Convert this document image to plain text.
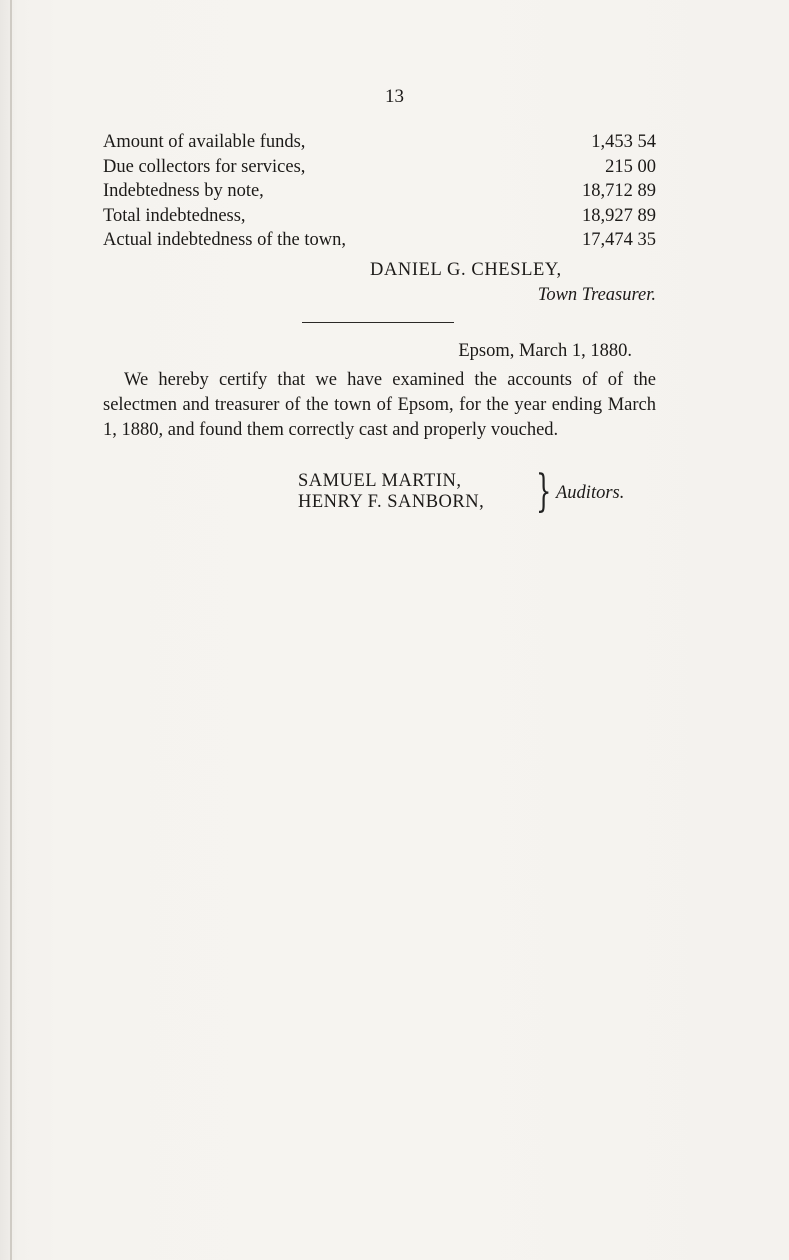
13
Amount of available funds,	1,453 54
Due collectors for services,	215 00
Indebtedness by note,	18,712 89
Total indebtedness,	18,927 89
Actual indebtedness of the town,	17,474 35
DANIEL G. CHESLEY,
Town Treasurer.
Epsom, March 1, 1880.

We hereby certify that we have examined the accounts of of the selectmen and treasurer of the town of Epsom, for the year ending March 1, 1880, and found them correctly cast and properly vouched.

SAMUEL MARTIN,
HENRY F. SANBORN, } Auditors.
